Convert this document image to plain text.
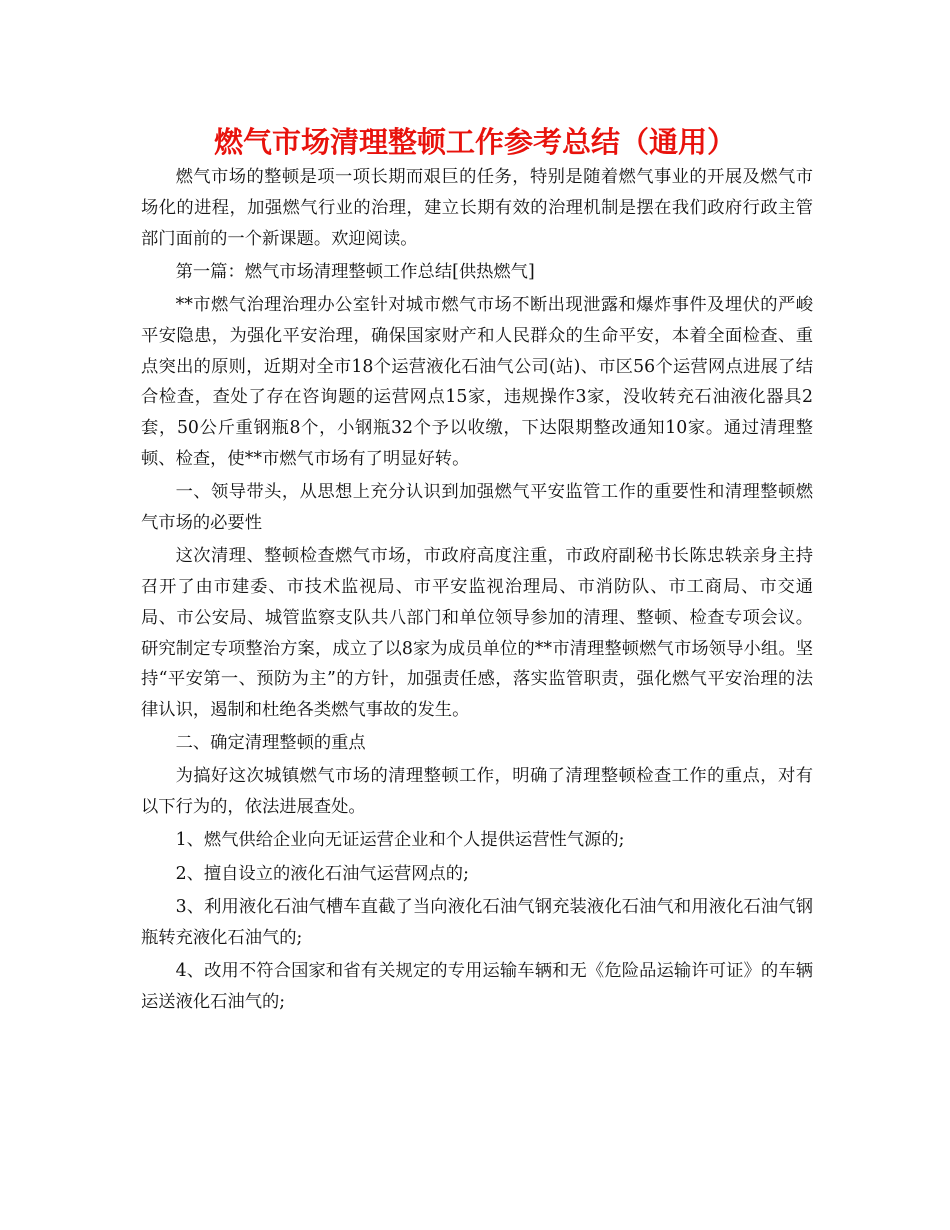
燃气市场清理整顿工作参考总结（通用）

燃气市场的整顿是项一项长期而艰巨的任务，特别是随着燃气事业的开展及燃气市场化的进程，加强燃气行业的治理，建立长期有效的治理机制是摆在我们政府行政主管部门面前的一个新课题。欢迎阅读。

第一篇：燃气市场清理整顿工作总结[供热燃气]

**市燃气治理治理办公室针对城市燃气市场不断出现泄露和爆炸事件及埋伏的严峻平安隐患，为强化平安治理，确保国家财产和人民群众的生命平安，本着全面检查、重点突出的原则，近期对全市18个运营液化石油气公司(站)、市区56个运营网点进展了结合检查，查处了存在咨询题的运营网点15家，违规操作3家，没收转充石油液化器具2套，50公斤重钢瓶8个，小钢瓶32个予以收缴，下达限期整改通知10家。通过清理整顿、检查，使**市燃气市场有了明显好转。

一、领导带头，从思想上充分认识到加强燃气平安监管工作的重要性和清理整顿燃气市场的必要性

这次清理、整顿检查燃气市场，市政府高度注重，市政府副秘书长陈忠轶亲身主持召开了由市建委、市技术监视局、市平安监视治理局、市消防队、市工商局、市交通局、市公安局、城管监察支队共八部门和单位领导参加的清理、整顿、检查专项会议。研究制定专项整治方案，成立了以8家为成员单位的**市清理整顿燃气市场领导小组。坚持“平安第一、预防为主”的方针，加强责任感，落实监管职责，强化燃气平安治理的法律认识，遏制和杜绝各类燃气事故的发生。

二、确定清理整顿的重点

为搞好这次城镇燃气市场的清理整顿工作，明确了清理整顿检查工作的重点，对有以下行为的，依法进展查处。

1、燃气供给企业向无证运营企业和个人提供运营性气源的;

2、擅自设立的液化石油气运营网点的;

3、利用液化石油气槽车直截了当向液化石油气钢充装液化石油气和用液化石油气钢瓶转充液化石油气的;

4、改用不符合国家和省有关规定的专用运输车辆和无《危险品运输许可证》的车辆运送液化石油气的;
